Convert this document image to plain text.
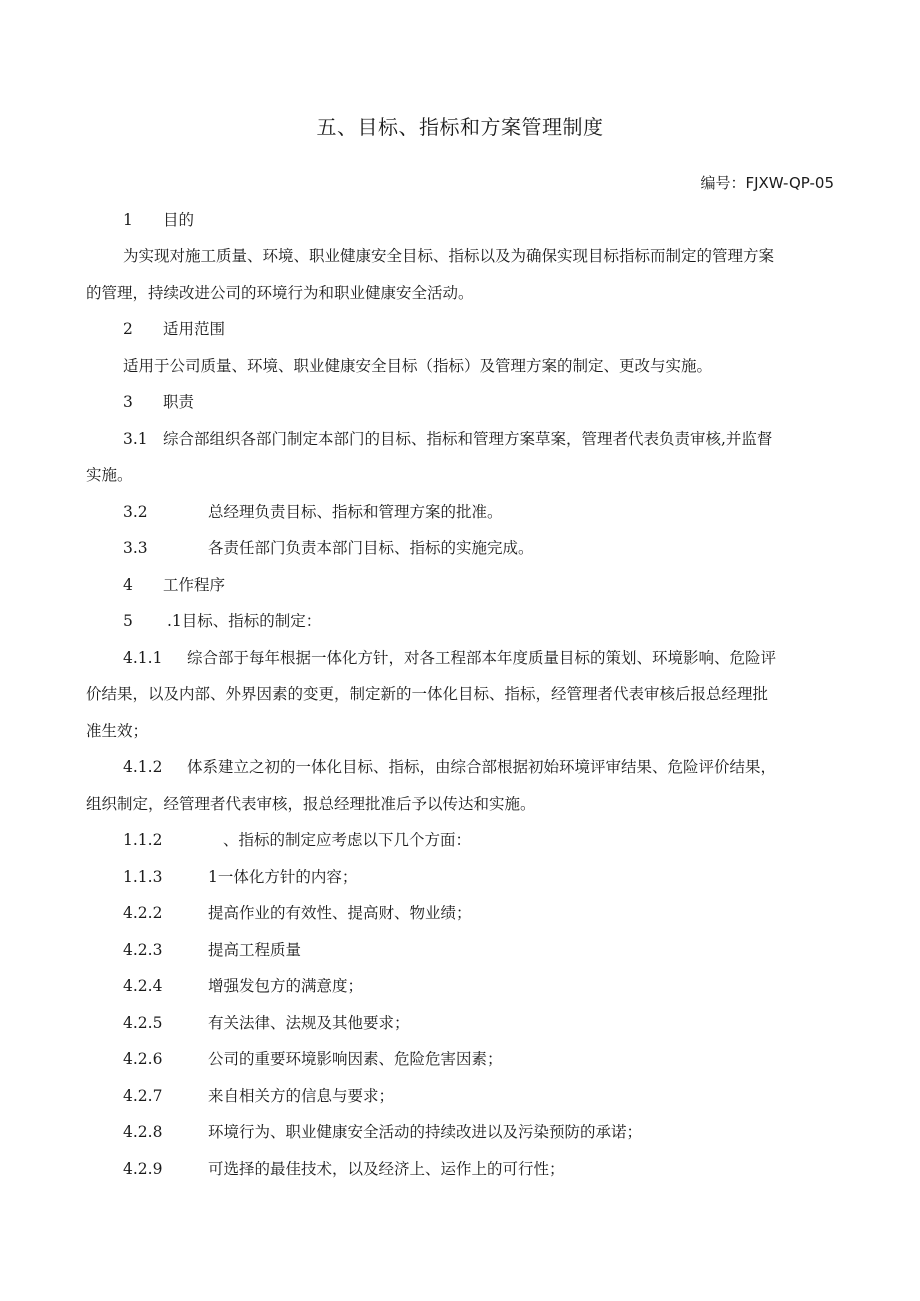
五、目标、指标和方案管理制度
编号：FJXW-QP-05
1 目的
为实现对施工质量、环境、职业健康安全目标、指标以及为确保实现目标指标而制定的管理方案
的管理，持续改进公司的环境行为和职业健康安全活动。
2 适用范围
适用于公司质量、环境、职业健康安全目标（指标）及管理方案的制定、更改与实施。
3 职责
3.1 综合部组织各部门制定本部门的目标、指标和管理方案草案，管理者代表负责审核,并监督
实施。
3.2	总经理负责目标、指标和管理方案的批准。
3.3	各责任部门负责本部门目标、指标的实施完成。
4 工作程序
5 .1目标、指标的制定：
4.1.1 综合部于每年根据一体化方针，对各工程部本年度质量目标的策划、环境影响、危险评
价结果，以及内部、外界因素的变更，制定新的一体化目标、指标，经管理者代表审核后报总经理批
准生效；
4.1.2 体系建立之初的一体化目标、指标，由综合部根据初始环境评审结果、危险评价结果，
组织制定，经管理者代表审核，报总经理批准后予以传达和实施。
1.1.2	、指标的制定应考虑以下几个方面：
1.1.3	1一体化方针的内容；
4.2.2	提高作业的有效性、提高财、物业绩；
4.2.3	提高工程质量
4.2.4	增强发包方的满意度；
4.2.5	有关法律、法规及其他要求；
4.2.6	公司的重要环境影响因素、危险危害因素；
4.2.7	来自相关方的信息与要求；
4.2.8	环境行为、职业健康安全活动的持续改进以及污染预防的承诺；
4.2.9	可选择的最佳技术，以及经济上、运作上的可行性；
